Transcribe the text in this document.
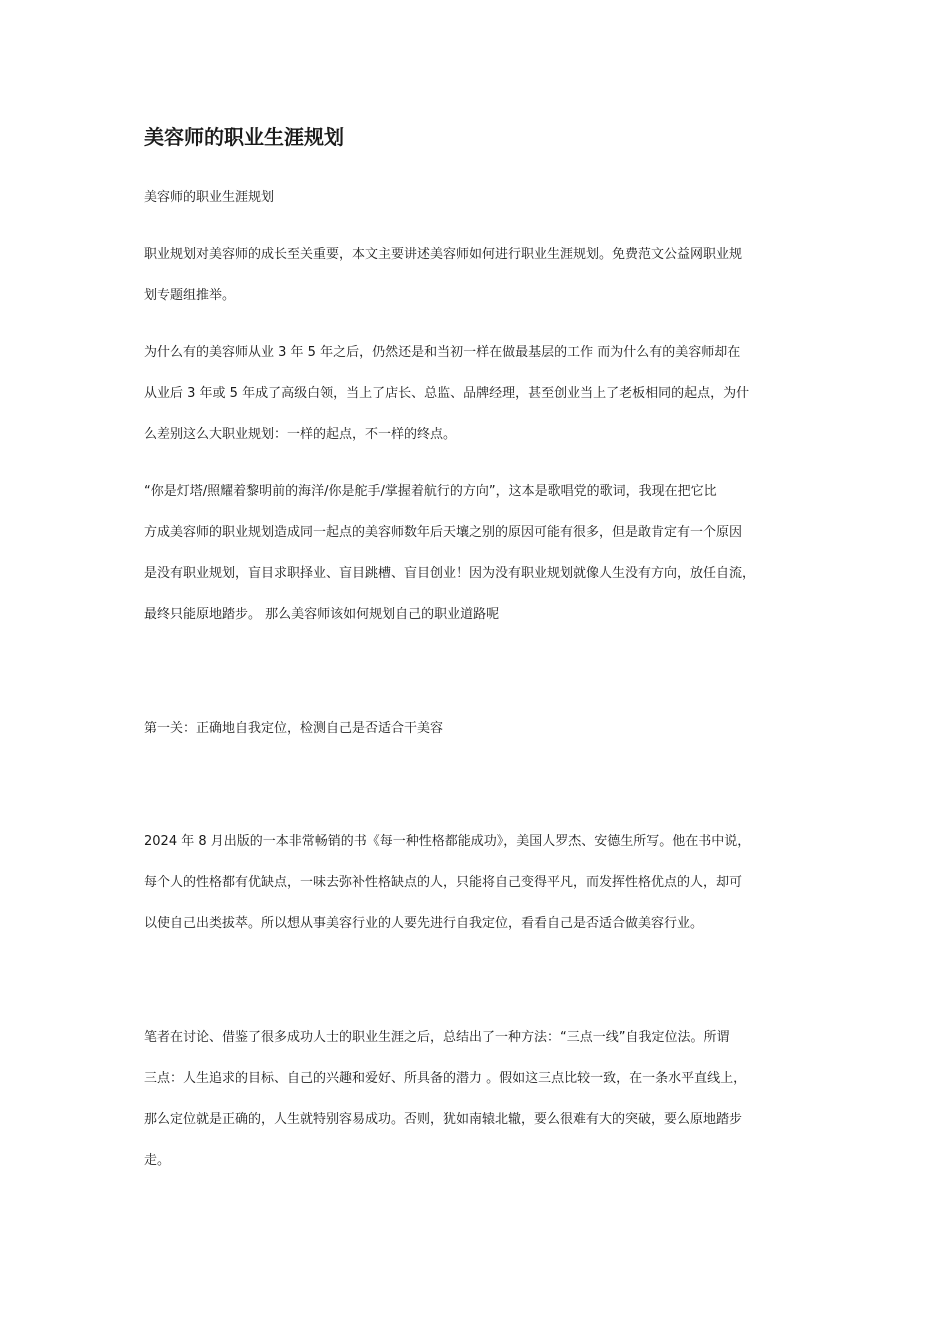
美容师的职业生涯规划

美容师的职业生涯规划

职业规划对美容师的成长至关重要，本文主要讲述美容师如何进行职业生涯规划。免费范文公益网职业规
划专题组推举。

为什么有的美容师从业 3 年 5 年之后，仍然还是和当初一样在做最基层的工作 而为什么有的美容师却在
从业后 3 年或 5 年成了高级白领，当上了店长、总监、品牌经理，甚至创业当上了老板相同的起点，为什
么差别这么大职业规划：一样的起点，不一样的终点。

“你是灯塔/照耀着黎明前的海洋/你是舵手/掌握着航行的方向”，这本是歌唱党的歌词，我现在把它比
方成美容师的职业规划造成同一起点的美容师数年后天壤之别的原因可能有很多，但是敢肯定有一个原因
是没有职业规划，盲目求职择业、盲目跳槽、盲目创业！因为没有职业规划就像人生没有方向，放任自流，
最终只能原地踏步。 那么美容师该如何规划自己的职业道路呢

第一关：正确地自我定位，检测自己是否适合干美容

2024 年 8 月出版的一本非常畅销的书《每一种性格都能成功》，美国人罗杰、安德生所写。他在书中说，
每个人的性格都有优缺点，一味去弥补性格缺点的人，只能将自己变得平凡，而发挥性格优点的人，却可
以使自己出类拔萃。所以想从事美容行业的人要先进行自我定位，看看自己是否适合做美容行业。

笔者在讨论、借鉴了很多成功人士的职业生涯之后，总结出了一种方法：“三点一线”自我定位法。所谓
三点：人生追求的目标、自己的兴趣和爱好、所具备的潜力 。假如这三点比较一致，在一条水平直线上，
那么定位就是正确的，人生就特别容易成功。否则，犹如南辕北辙，要么很难有大的突破，要么原地踏步
走。
